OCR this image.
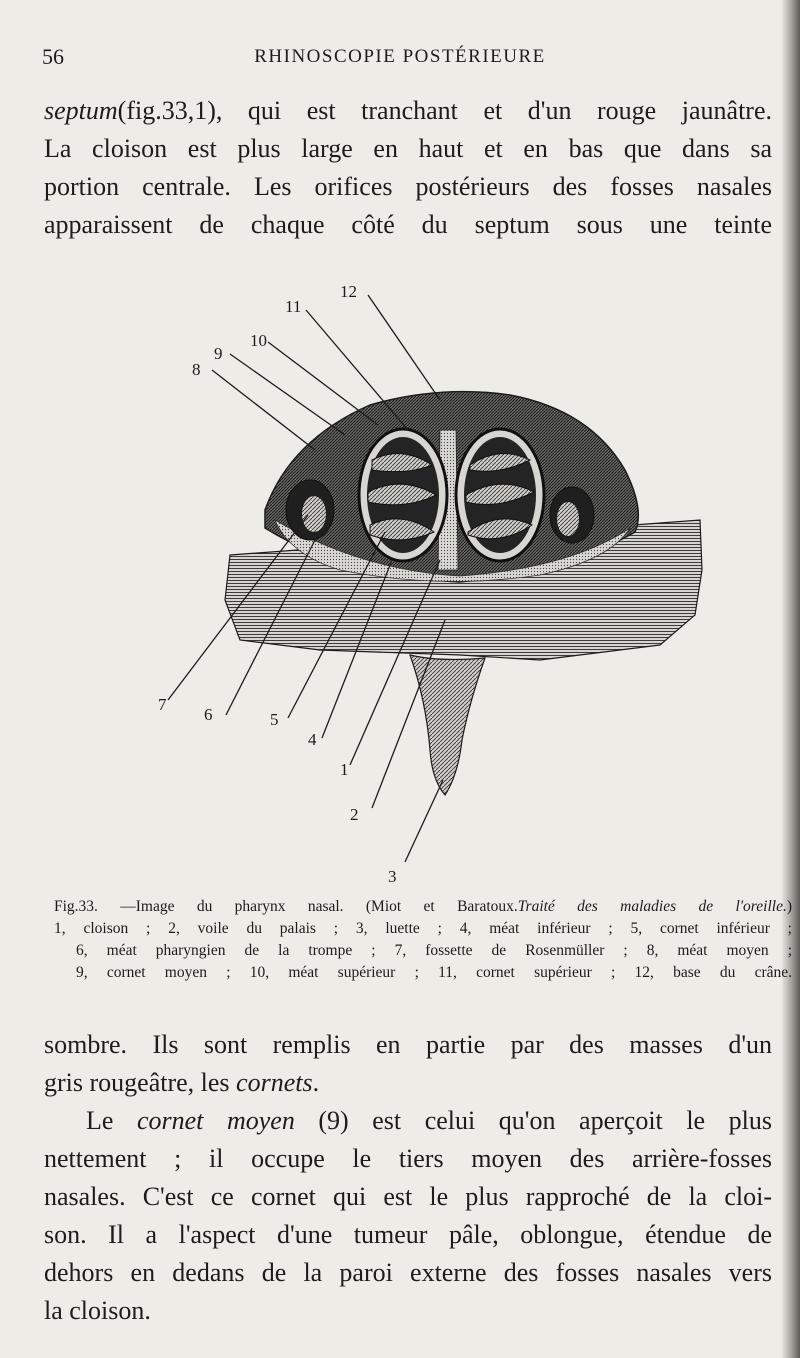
56	RHINOSCOPIE POSTÉRIEURE
septum(fig.33,1), qui est tranchant et d'un rouge jaunâtre.
La cloison est plus large en haut et en bas que dans sa
portion centrale. Les orifices postérieurs des fosses nasales
apparaissent de chaque côté du septum sous une teinte
8
9
10
11
12
7
6	5
4
1
2
3
Fig.33. —Image du pharynx nasal. (Miot et Baratoux.Traité des maladies de l'oreille.)
1, cloison ; 2, voile du palais ; 3, luette ; 4, méat inférieur ; 5, cornet inférieur ;
6, méat pharyngien de la trompe ; 7, fossette de Rosenmüller ; 8, méat moyen ;
9, cornet moyen ; 10, méat supérieur ; 11, cornet supérieur ; 12, base du crâne.
sombre. Ils sont remplis en partie par des masses d'un
gris rougeâtre, les cornets.
Le cornet moyen (9) est celui qu'on aperçoit le plus
nettement ; il occupe le tiers moyen des arrière-fosses
nasales. C'est ce cornet qui est le plus rapproché de la cloi-
son. Il a l'aspect d'une tumeur pâle, oblongue, étendue de
dehors en dedans de la paroi externe des fosses nasales vers
la cloison.
